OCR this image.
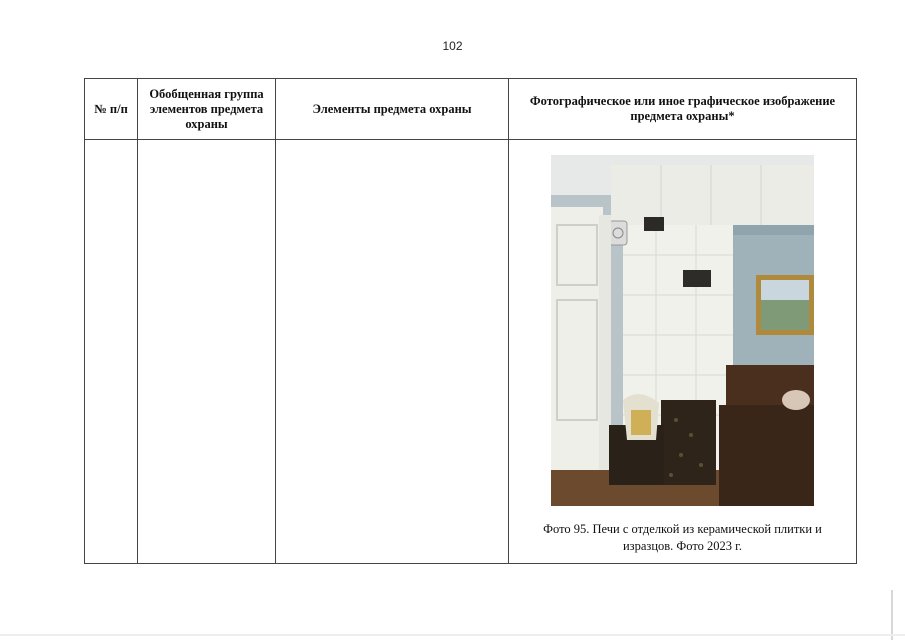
102
№ п/п	Обобщенная группа элементов предмета охраны	Элементы предмета охраны	Фотографическое или иное графическое изображение предмета охраны*

			Фото 95. Печи с отделкой из керамической плитки и изразцов. Фото 2023 г.
